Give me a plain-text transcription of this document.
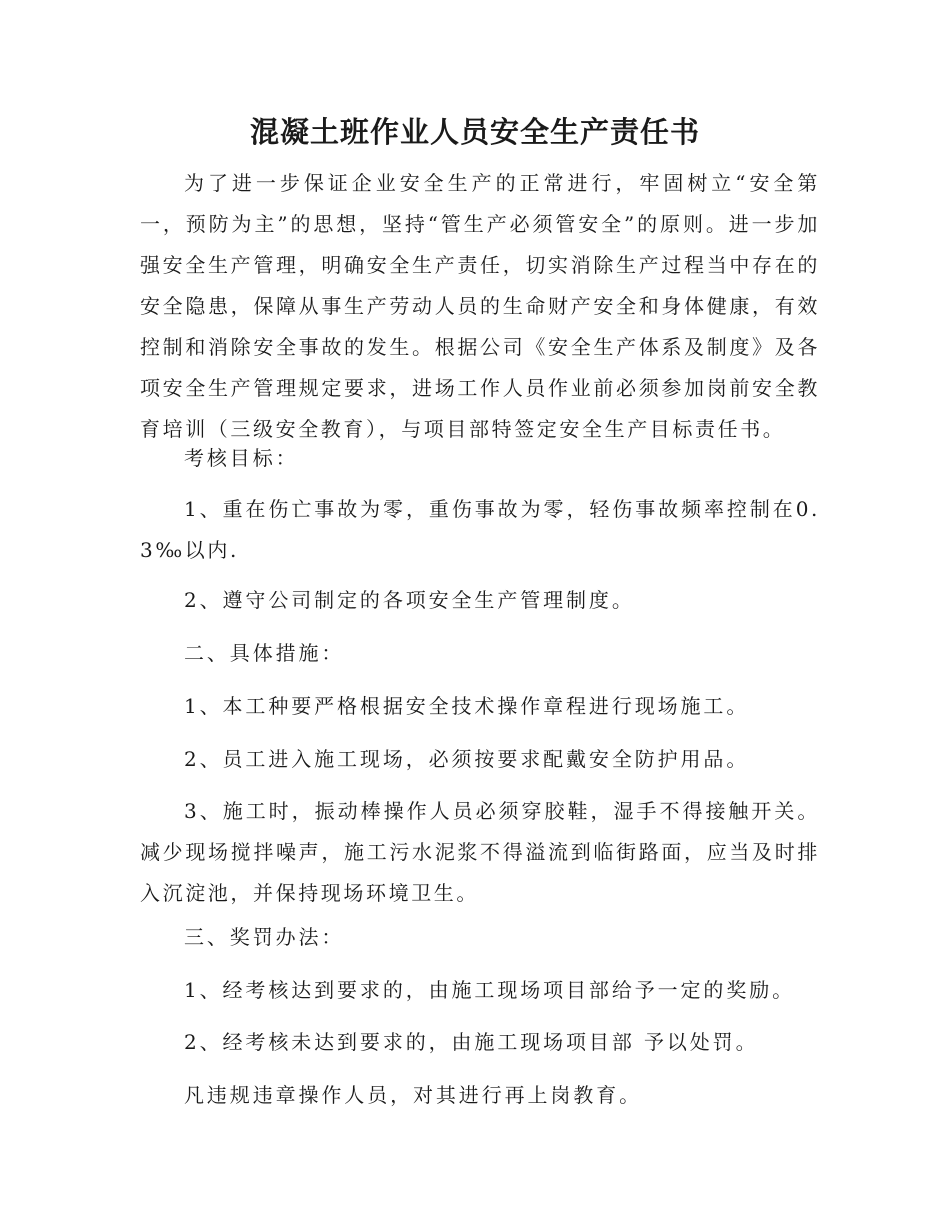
混凝土班作业人员安全生产责任书

为了进一步保证企业安全生产的正常进行，牢固树立“安全第一，预防为主”的思想，坚持“管生产必须管安全”的原则。进一步加强安全生产管理，明确安全生产责任，切实消除生产过程当中存在的安全隐患，保障从事生产劳动人员的生命财产安全和身体健康，有效控制和消除安全事故的发生。根据公司《安全生产体系及制度》及各项安全生产管理规定要求，进场工作人员作业前必须参加岗前安全教育培训（三级安全教育），与项目部特签定安全生产目标责任书。

考核目标：

1、重在伤亡事故为零，重伤事故为零，轻伤事故频率控制在0.3‰以内.

2、遵守公司制定的各项安全生产管理制度。

二、具体措施：

1、本工种要严格根据安全技术操作章程进行现场施工。

2、员工进入施工现场，必须按要求配戴安全防护用品。

3、施工时，振动棒操作人员必须穿胶鞋，湿手不得接触开关。减少现场搅拌噪声，施工污水泥浆不得溢流到临街路面，应当及时排入沉淀池，并保持现场环境卫生。

三、奖罚办法：

1、经考核达到要求的，由施工现场项目部给予一定的奖励。

2、经考核未达到要求的，由施工现场项目部 予以处罚。

凡违规违章操作人员，对其进行再上岗教育。
